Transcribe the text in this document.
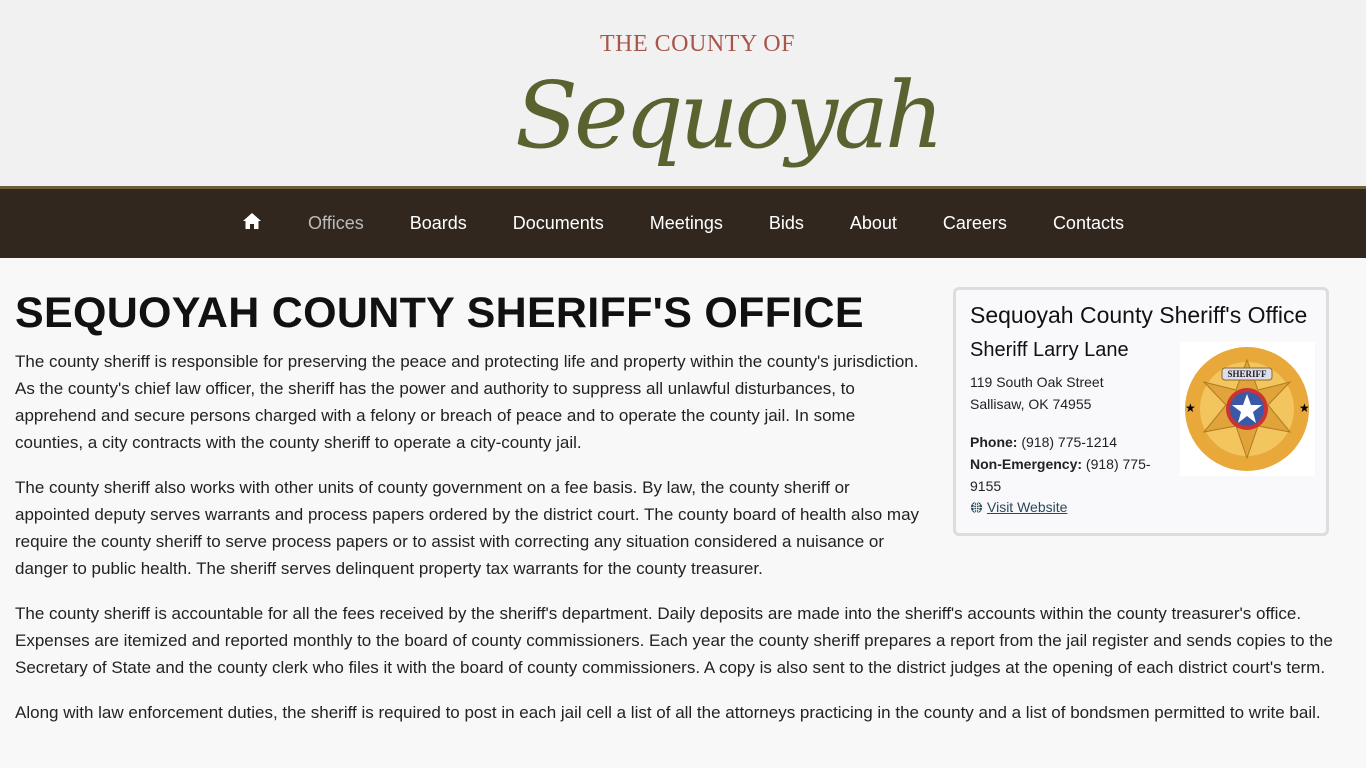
THE COUNTY OF
Sequoyah
Offices	Boards	Documents	Meetings	Bids	About	Careers	Contacts
SEQUOYAH COUNTY SHERIFF'S OFFICE

The county sheriff is responsible for preserving the peace and protecting life and property within the county's jurisdiction. As the county's chief law officer, the sheriff has the power and authority to suppress all unlawful disturbances, to apprehend and secure persons charged with a felony or breach of peace and to operate the county jail. In some counties, a city contracts with the county sheriff to operate a city-county jail.

The county sheriff also works with other units of county government on a fee basis. By law, the county sheriff or appointed deputy serves warrants and process papers ordered by the district court. The county board of health also may require the county sheriff to serve process papers or to assist with correcting any situation considered a nuisance or danger to public health. The sheriff serves delinquent property tax warrants for the county treasurer.

The county sheriff is accountable for all the fees received by the sheriff's department. Daily deposits are made into the sheriff's accounts within the county treasurer's office. Expenses are itemized and reported monthly to the board of county commissioners. Each year the county sheriff prepares a report from the jail register and sends copies to the Secretary of State and the county clerk who files it with the board of county commissioners. A copy is also sent to the district judges at the opening of each district court's term.

Along with law enforcement duties, the sheriff is required to post in each jail cell a list of all the attorneys practicing in the county and a list of bondsmen permitted to write bail.

Sequoyah County Sheriff's Office
Sheriff Larry Lane
119 South Oak Street
Sallisaw, OK 74955
Phone: (918) 775-1214
Non-Emergency: (918) 775-9155
Visit Website
SHERIFF
★	★
